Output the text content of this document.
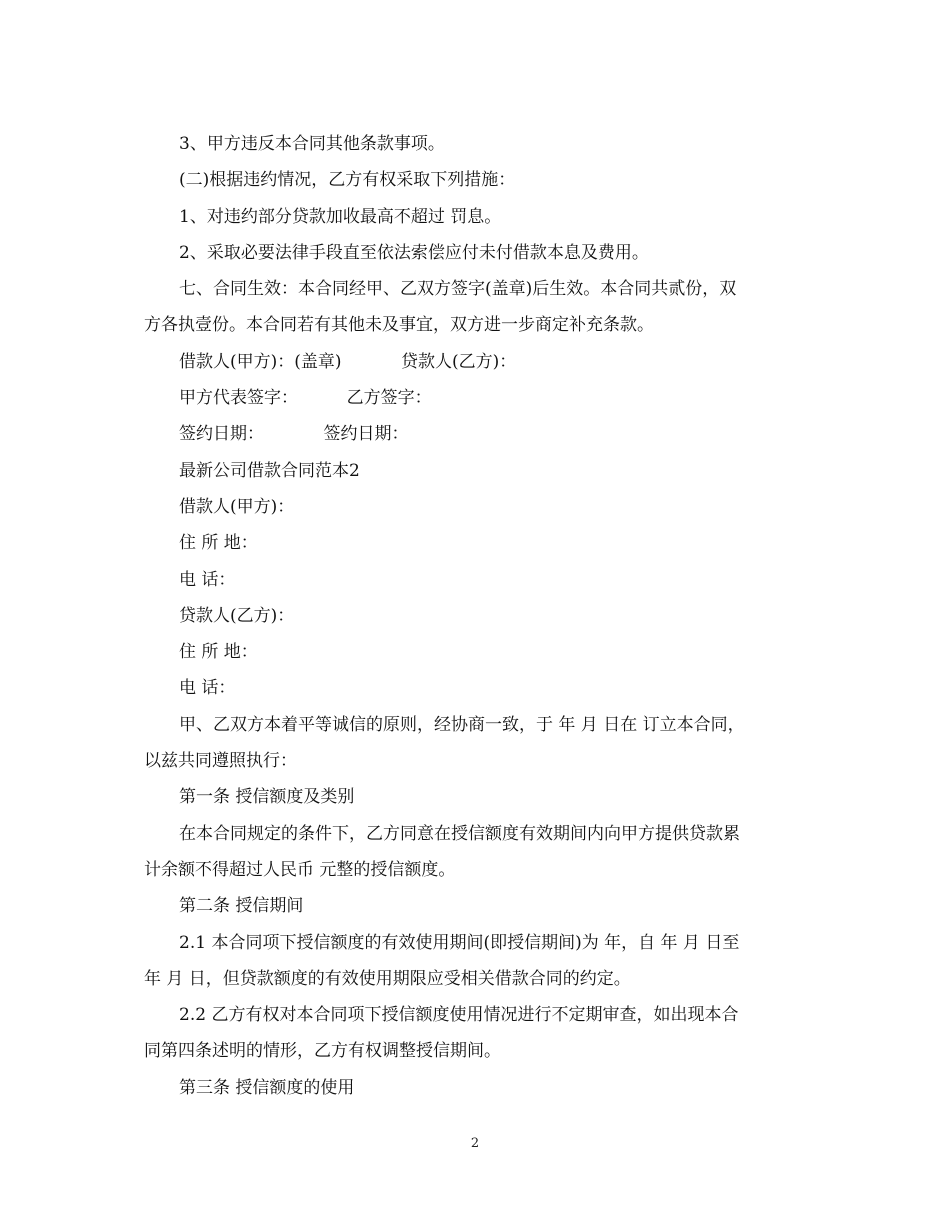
3、甲方违反本合同其他条款事项。
(二)根据违约情况，乙方有权采取下列措施：
1、对违约部分贷款加收最高不超过 罚息。
2、采取必要法律手段直至依法索偿应付未付借款本息及费用。
七、合同生效：本合同经甲、乙双方签字(盖章)后生效。本合同共贰份，双
方各执壹份。本合同若有其他未及事宜，双方进一步商定补充条款。
借款人(甲方)：(盖章)           贷款人(乙方)：
甲方代表签字：         乙方签字：
签约日期：           签约日期：
最新公司借款合同范本2
借款人(甲方)：
住 所 地：
电 话：
贷款人(乙方)：
住 所 地：
电 话：
甲、乙双方本着平等诚信的原则，经协商一致，于 年 月 日在 订立本合同，
以兹共同遵照执行：
第一条 授信额度及类别
在本合同规定的条件下，乙方同意在授信额度有效期间内向甲方提供贷款累
计余额不得超过人民币 元整的授信额度。
第二条 授信期间
2.1 本合同项下授信额度的有效使用期间(即授信期间)为 年，自 年 月 日至
年 月 日，但贷款额度的有效使用期限应受相关借款合同的约定。
2.2 乙方有权对本合同项下授信额度使用情况进行不定期审查，如出现本合
同第四条述明的情形，乙方有权调整授信期间。
第三条 授信额度的使用
2
